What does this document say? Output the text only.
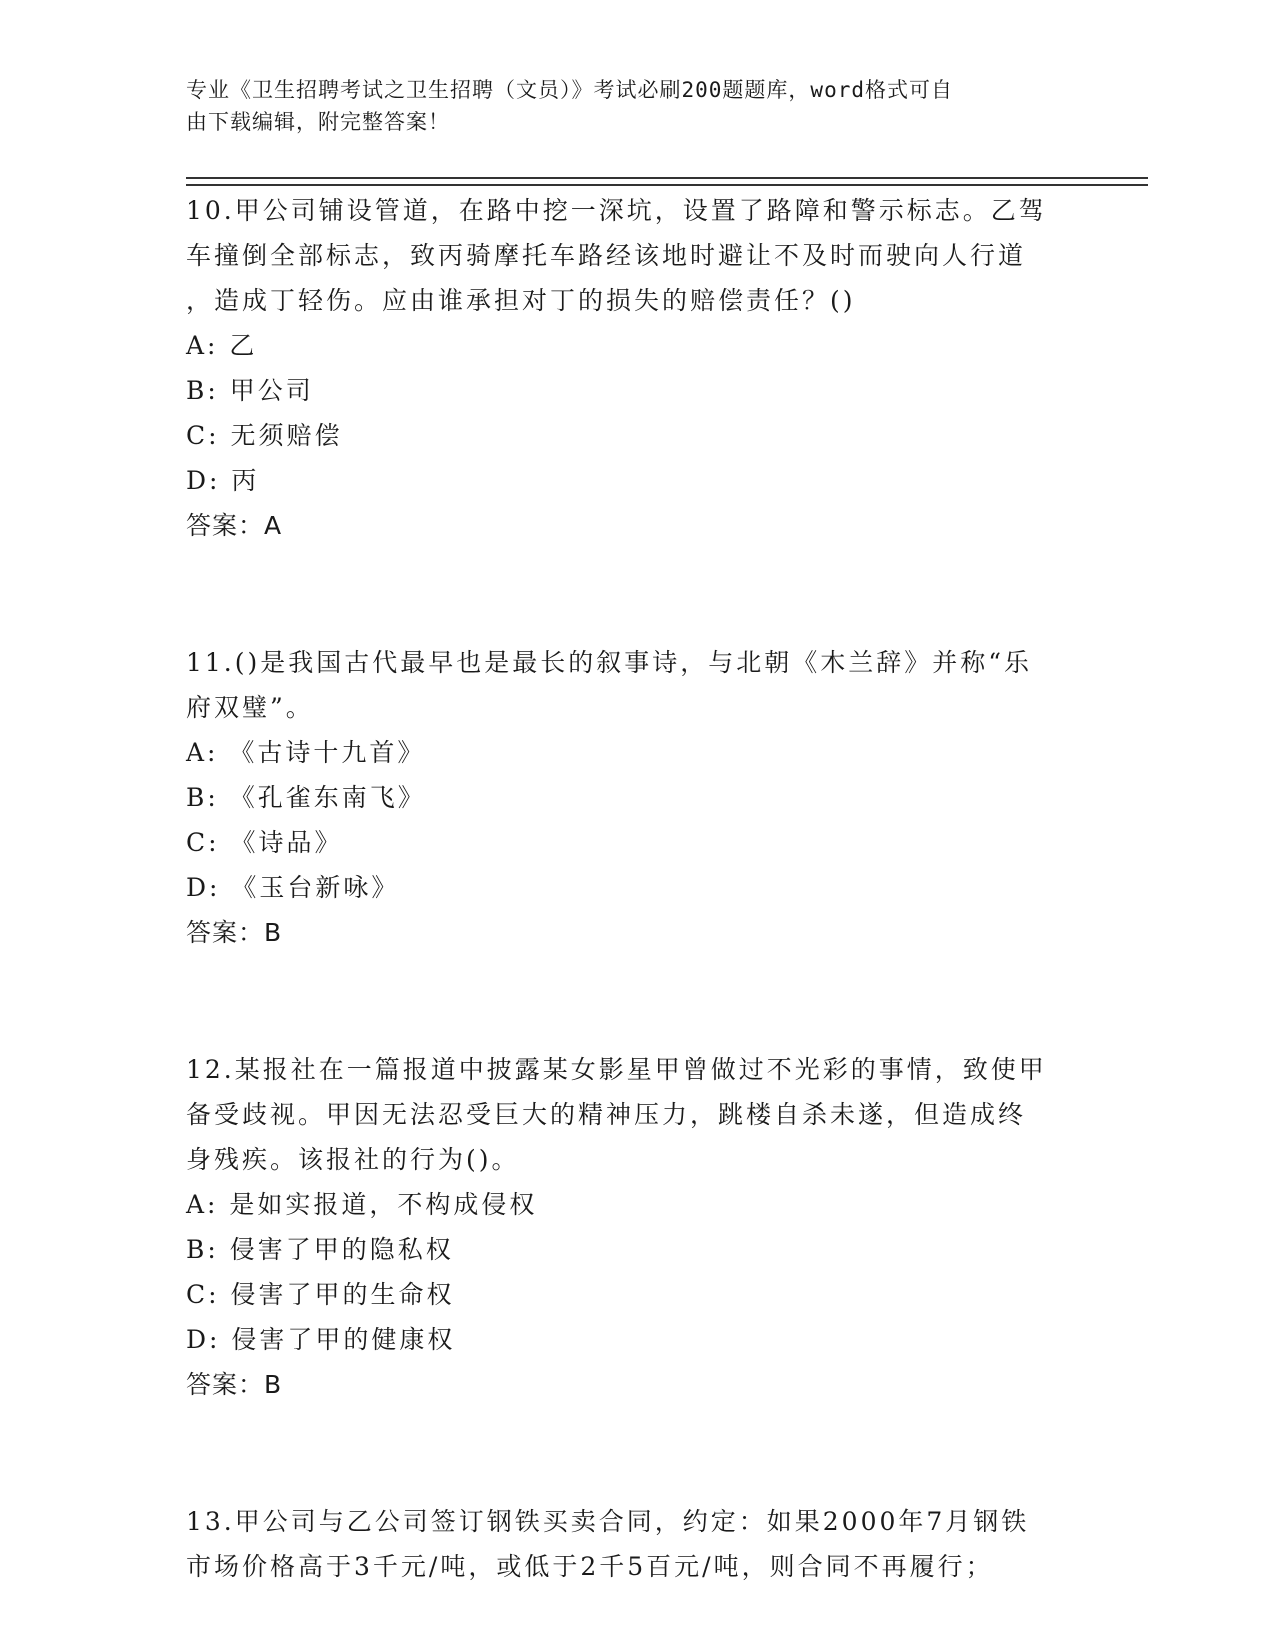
专业《卫生招聘考试之卫生招聘（文员）》考试必刷200题题库，word格式可自
由下载编辑，附完整答案！
10.甲公司铺设管道，在路中挖一深坑，设置了路障和警示标志。乙驾
车撞倒全部标志，致丙骑摩托车路经该地时避让不及时而驶向人行道
，造成丁轻伤。应由谁承担对丁的损失的赔偿责任？()
A: 乙
B: 甲公司
C: 无须赔偿
D: 丙
答案：A
11.()是我国古代最早也是最长的叙事诗，与北朝《木兰辞》并称“乐
府双璧”。
A: 《古诗十九首》
B: 《孔雀东南飞》
C: 《诗品》
D: 《玉台新咏》
答案：B
12.某报社在一篇报道中披露某女影星甲曾做过不光彩的事情，致使甲
备受歧视。甲因无法忍受巨大的精神压力，跳楼自杀未遂，但造成终
身残疾。该报社的行为()。
A: 是如实报道，不构成侵权
B: 侵害了甲的隐私权
C: 侵害了甲的生命权
D: 侵害了甲的健康权
答案：B
13.甲公司与乙公司签订钢铁买卖合同，约定：如果2000年7月钢铁
市场价格高于3千元/吨，或低于2千5百元/吨，则合同不再履行；
